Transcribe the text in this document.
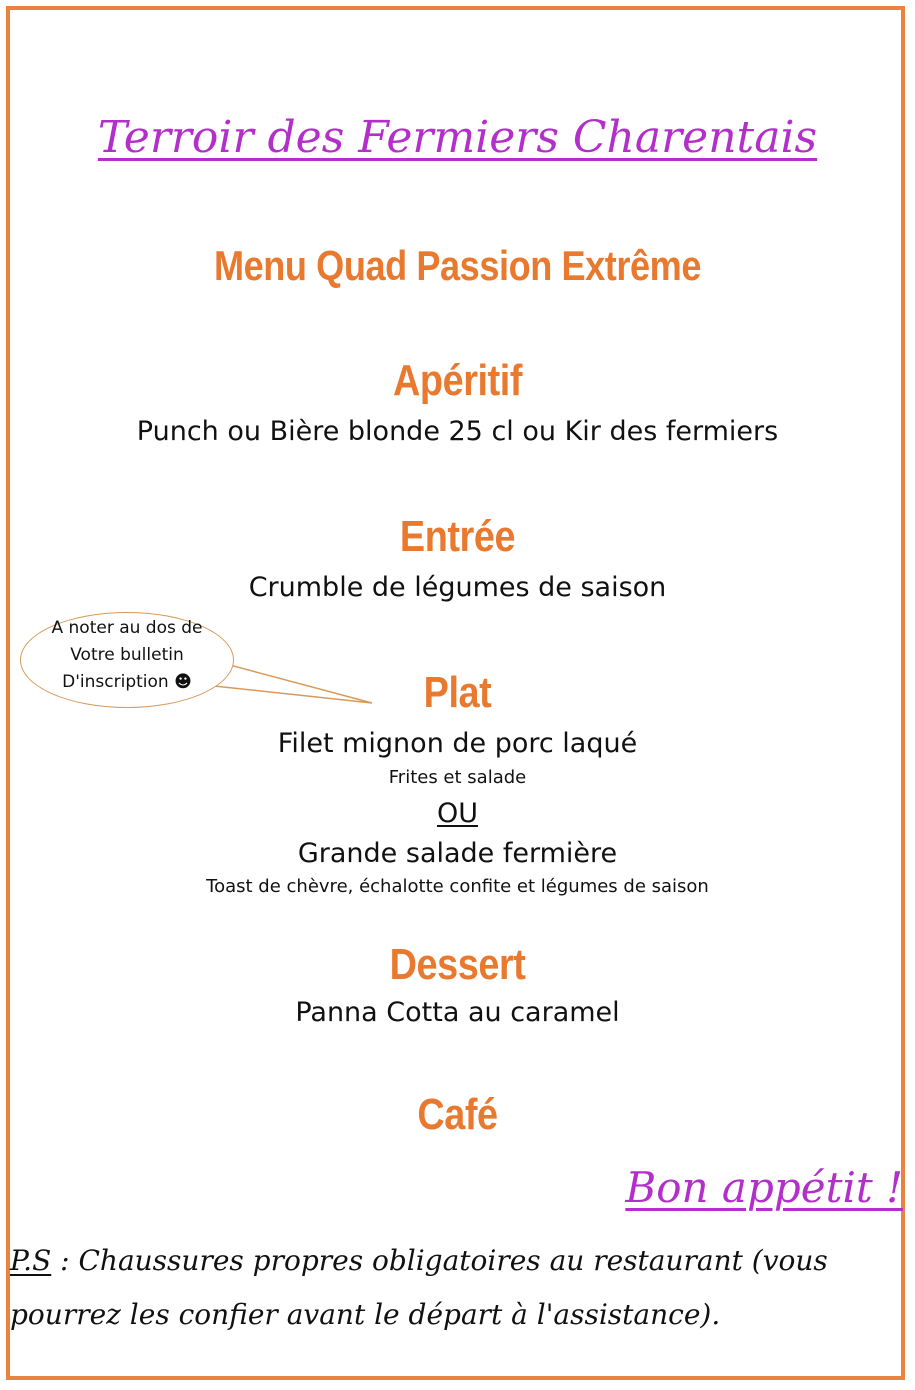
Terroir des Fermiers Charentais
Menu Quad Passion Extrême
Apéritif
Punch ou Bière blonde 25 cl ou Kir des fermiers
Entrée
Crumble de légumes de saison
Plat
Filet mignon de porc laqué
Frites et salade
OU
Grande salade fermière
Toast de chèvre, échalotte confite et légumes de saison
Dessert
Panna Cotta au caramel
Café
A noter au dos de
Votre bulletin
D'inscription ☻
Bon appétit !
P.S : Chaussures propres obligatoires au restaurant (vous pourrez les confier avant le départ à l'assistance).
